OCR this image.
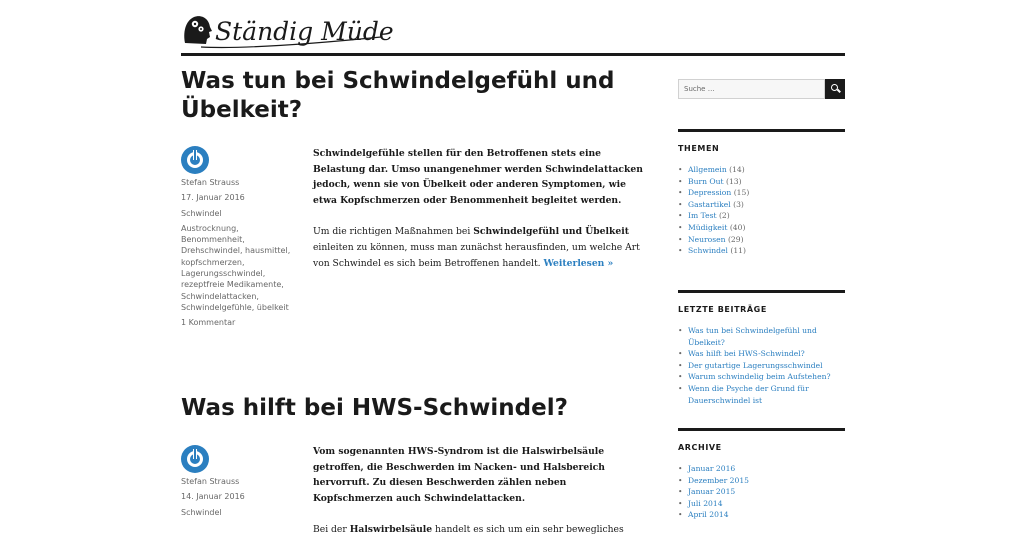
Ständig Müde
Was tun bei Schwindelgefühl und Übelkeit?
Stefan Strauss
17. Januar 2016
Schwindel
Austrocknung, Benommenheit, Drehschwindel, hausmittel, kopfschmerzen, Lagerungsschwindel, rezeptfreie Medikamente, Schwindelattacken, Schwindelgefühle, übelkeit
1 Kommentar

Schwindelgefühle stellen für den Betroffenen stets eine Belastung dar. Umso unangenehmer werden Schwindelattacken jedoch, wenn sie von Übelkeit oder anderen Symptomen, wie etwa Kopfschmerzen oder Benommenheit begleitet werden.

Um die richtigen Maßnahmen bei Schwindelgefühl und Übelkeit einleiten zu können, muss man zunächst herausfinden, um welche Art von Schwindel es sich beim Betroffenen handelt. Weiterlesen »

Was hilft bei HWS-Schwindel?
Stefan Strauss
14. Januar 2016
Schwindel

Vom sogenannten HWS-Syndrom ist die Halswirbelsäule getroffen, die Beschwerden im Nacken- und Halsbereich hervorruft. Zu diesen Beschwerden zählen neben Kopfschmerzen auch Schwindelattacken.

Bei der Halswirbelsäule handelt es sich um ein sehr bewegliches

Suche …
THEMEN
• Allgemein (14)
• Burn Out (13)
• Depression (15)
• Gastartikel (3)
• Im Test (2)
• Müdigkeit (40)
• Neurosen (29)
• Schwindel (11)
LETZTE BEITRÄGE
• Was tun bei Schwindelgefühl und Übelkeit?
• Was hilft bei HWS-Schwindel?
• Der gutartige Lagerungsschwindel
• Warum schwindelig beim Aufstehen?
• Wenn die Psyche der Grund für Dauerschwindel ist
ARCHIVE
• Januar 2016
• Dezember 2015
• Januar 2015
• Juli 2014
• April 2014
